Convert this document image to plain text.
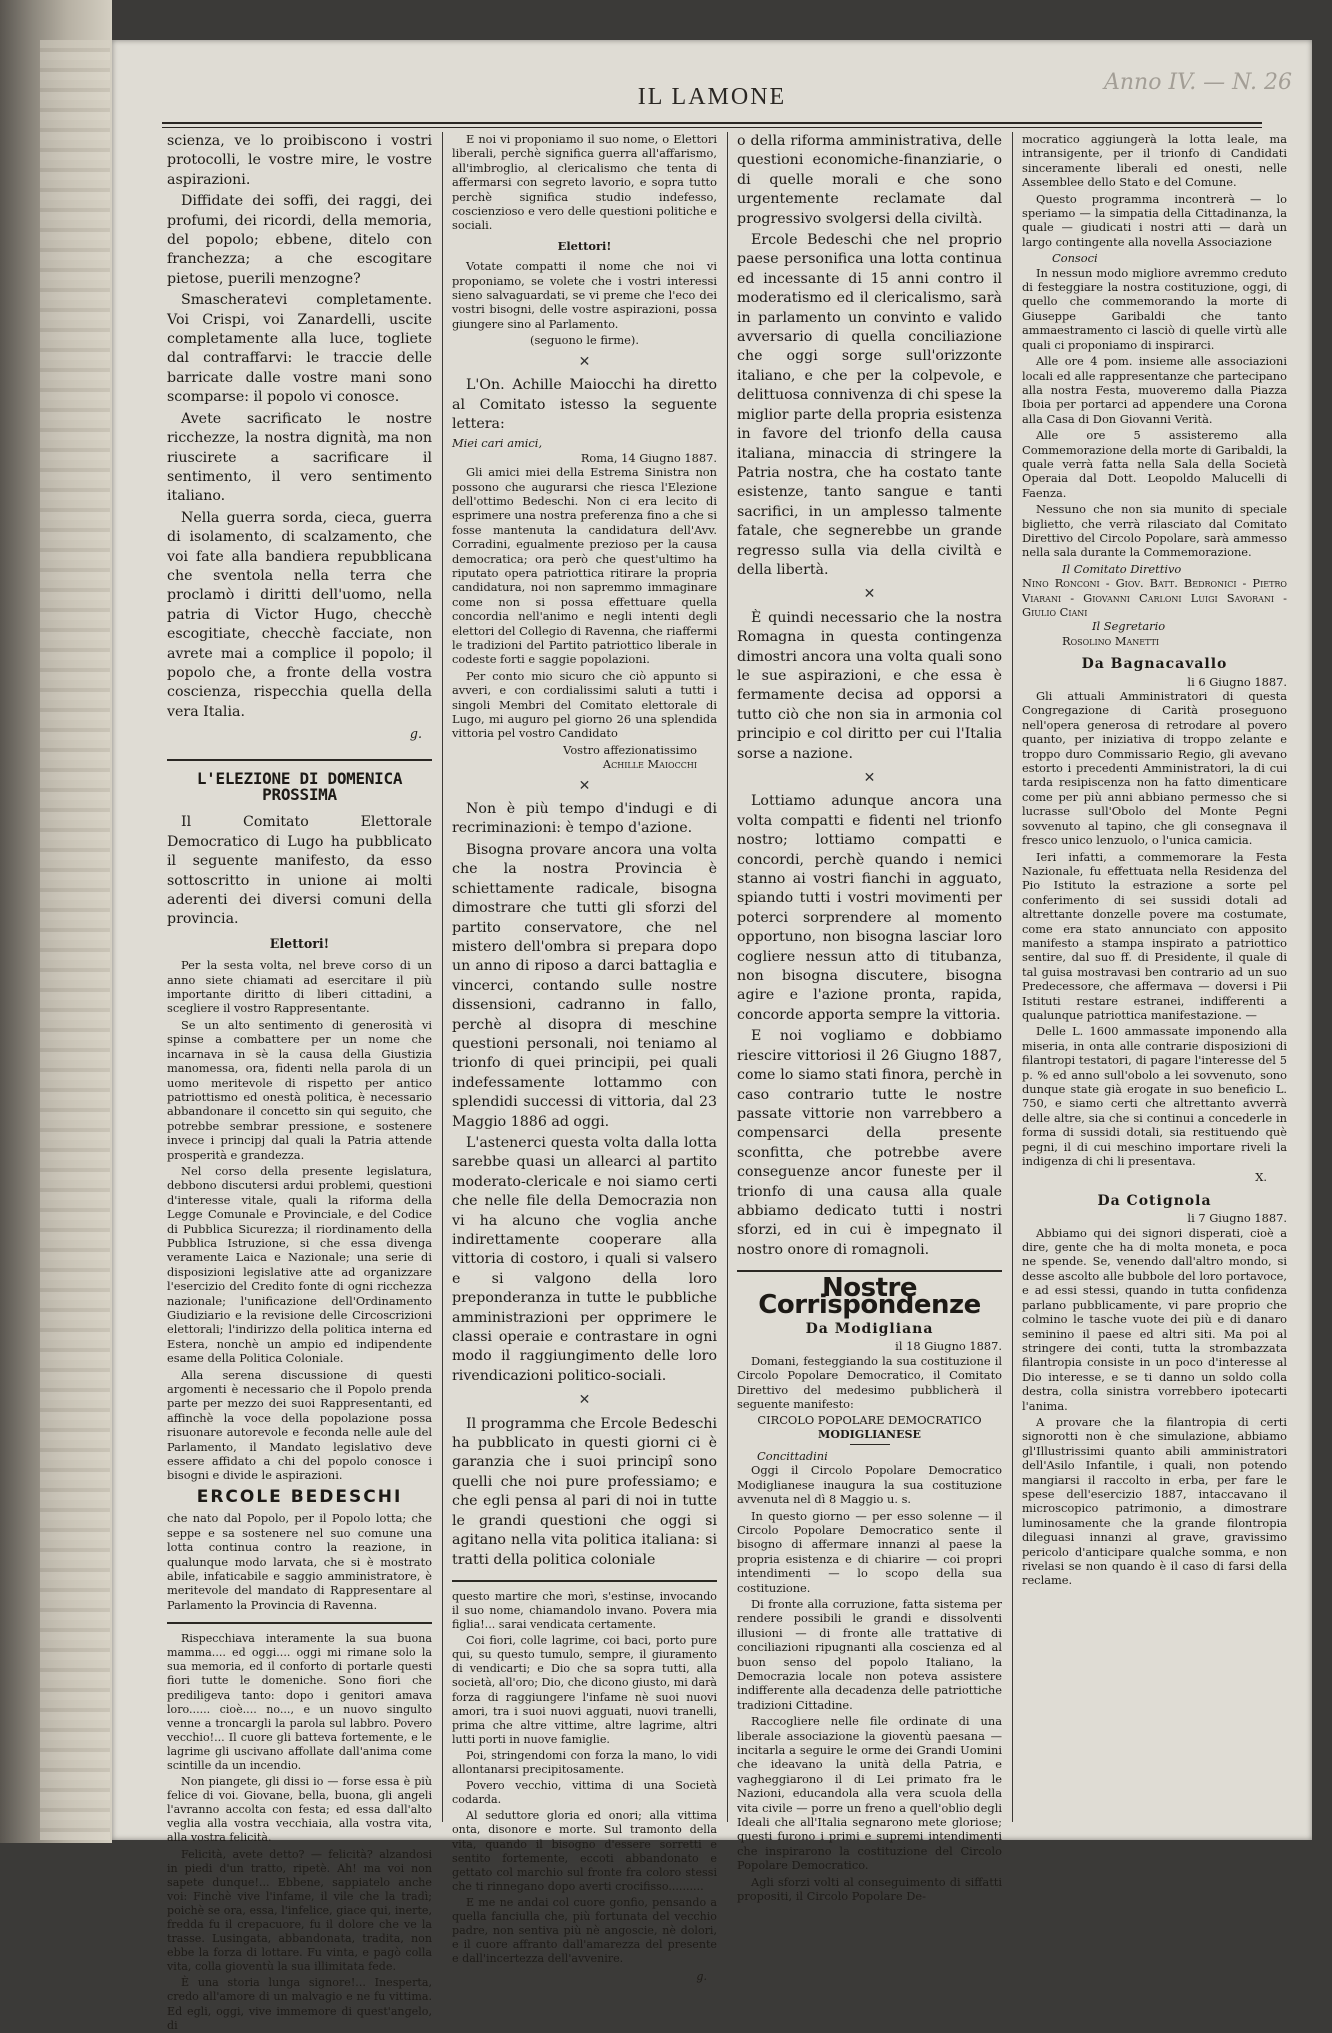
IL LAMONE
Anno IV. — N. 26

scienza, ve lo proibiscono i vostri protocolli, le vostre mire, le vostre aspirazioni.

Diffidate dei soffi, dei raggi, dei profumi, dei ricordi, della memoria, del popolo; ebbene, ditelo con franchezza; a che escogitare pietose, puerili menzogne?

Smascheratevi completamente. Voi Crispi, voi Zanardelli, uscite completamente alla luce, togliete dal contraffarvi: le traccie delle barricate dalle vostre mani sono scomparse: il popolo vi conosce.

Avete sacrificato le nostre ricchezze, la nostra dignità, ma non riuscirete a sacrificare il sentimento, il vero sentimento italiano.

Nella guerra sorda, cieca, guerra di isolamento, di scalzamento, che voi fate alla bandiera repubblicana che sventola nella terra che proclamò i diritti dell'uomo, nella patria di Victor Hugo, checchè escogitiate, checchè facciate, non avrete mai a complice il popolo; il popolo che, a fronte della vostra coscienza, rispecchia quella della vera Italia.

g.
L'ELEZIONE DI DOMENICA PROSSIMA

Il Comitato Elettorale Democratico di Lugo ha pubblicato il seguente manifesto, da esso sottoscritto in unione ai molti aderenti dei diversi comuni della provincia.

Elettori!

Per la sesta volta, nel breve corso di un anno siete chiamati ad esercitare il più importante diritto di liberi cittadini, a scegliere il vostro Rappresentante.

Se un alto sentimento di generosità vi spinse a combattere per un nome che incarnava in sè la causa della Giustizia manomessa, ora, fidenti nella parola di un uomo meritevole di rispetto per antico patriottismo ed onestà politica, è necessario abbandonare il concetto sin qui seguito, che potrebbe sembrar pressione, e sostenere invece i principj dal quali la Patria attende prosperità e grandezza.

Nel corso della presente legislatura, debbono discutersi ardui problemi, questioni d'interesse vitale, quali la riforma della Legge Comunale e Provinciale, e del Codice di Pubblica Sicurezza; il riordinamento della Pubblica Istruzione, si che essa divenga veramente Laica e Nazionale; una serie di disposizioni legislative atte ad organizzare l'esercizio del Credito fonte di ogni ricchezza nazionale; l'unificazione dell'Ordinamento Giudiziario e la revisione delle Circoscrizioni elettorali; l'indirizzo della politica interna ed Estera, nonchè un ampio ed indipendente esame della Politica Coloniale.

Alla serena discussione di questi argomenti è necessario che il Popolo prenda parte per mezzo dei suoi Rappresentanti, ed affinchè la voce della popolazione possa risuonare autorevole e feconda nelle aule del Parlamento, il Mandato legislativo deve essere affidato a chi del popolo conosce i bisogni e divide le aspirazioni.

ERCOLE BEDESCHI

che nato dal Popolo, per il Popolo lotta; che seppe e sa sostenere nel suo comune una lotta continua contro la reazione, in qualunque modo larvata, che si è mostrato abile, infaticabile e saggio amministratore, è meritevole del mandato di Rappresentare al Parlamento la Provincia di Ravenna.

Rispecchiava interamente la sua buona mamma.... ed oggi.... oggi mi rimane solo la sua memoria, ed il conforto di portarle questi fiori tutte le domeniche. Sono fiori che prediligeva tanto: dopo i genitori amava loro...... cioè.... no..., e un nuovo singulto venne a troncargli la parola sul labbro. Povero vecchio!... Il cuore gli batteva fortemente, e le lagrime gli uscivano affollate dall'anima come scintille da un incendio.

Non piangete, gli dissi io — forse essa è più felice di voi. Giovane, bella, buona, gli angeli l'avranno accolta con festa; ed essa dall'alto veglia alla vostra vecchiaia, alla vostra vita, alla vostra felicità.

Felicità, avete detto? — felicità? alzandosi in piedi d'un tratto, ripetè. Ah! ma voi non sapete dunque!... Ebbene, sappiatelo anche voi: Finchè vive l'infame, il vile che la tradì; poichè se ora, essa, l'infelice, giace qui, inerte, fredda fu il crepacuore, fu il dolore che ve la trasse. Lusingata, abbandonata, tradita, non ebbe la forza di lottare. Fu vinta, e pagò colla vita, colla gioventù la sua illimitata fede.

È una storia lunga signore!... Inesperta, credo all'amore di un malvagio e ne fu vittima. Ed egli, oggi, vive immemore di quest'angelo, di

E noi vi proponiamo il suo nome, o Elettori liberali, perchè significa guerra all'affarismo, all'imbroglio, al clericalismo che tenta di affermarsi con segreto lavorio, e sopra tutto perchè significa studio indefesso, coscienzioso e vero delle questioni politiche e sociali.

Elettori!

Votate compatti il nome che noi vi proponiamo, se volete che i vostri interessi sieno salvaguardati, se vi preme che l'eco dei vostri bisogni, delle vostre aspirazioni, possa giungere sino al Parlamento.

(seguono le firme).
✕

L'On. Achille Maiocchi ha diretto al Comitato istesso la seguente lettera:

Miei cari amici,
Roma, 14 Giugno 1887.

Gli amici miei della Estrema Sinistra non possono che augurarsi che riesca l'Elezione dell'ottimo Bedeschi. Non ci era lecito di esprimere una nostra preferenza fino a che si fosse mantenuta la candidatura dell'Avv. Corradini, egualmente prezioso per la causa democratica; ora però che quest'ultimo ha riputato opera patriottica ritirare la propria candidatura, noi non sapremmo immaginare come non si possa effettuare quella concordia nell'animo e negli intenti degli elettori del Collegio di Ravenna, che riaffermi le tradizioni del Partito patriottico liberale in codeste forti e saggie popolazioni.

Per conto mio sicuro che ciò appunto si avveri, e con cordialissimi saluti a tutti i singoli Membri del Comitato elettorale di Lugo, mi auguro pel giorno 26 una splendida vittoria pel vostro Candidato

Vostro affezionatissimo
Achille Maiocchi
✕

Non è più tempo d'indugi e di recriminazioni: è tempo d'azione.

Bisogna provare ancora una volta che la nostra Provincia è schiettamente radicale, bisogna dimostrare che tutti gli sforzi del partito conservatore, che nel mistero dell'ombra si prepara dopo un anno di riposo a darci battaglia e vincerci, contando sulle nostre dissensioni, cadranno in fallo, perchè al disopra di meschine questioni personali, noi teniamo al trionfo di quei principii, pei quali indefessamente lottammo con splendidi successi di vittoria, dal 23 Maggio 1886 ad oggi.

L'astenerci questa volta dalla lotta sarebbe quasi un allearci al partito moderato-clericale e noi siamo certi che nelle file della Democrazia non vi ha alcuno che voglia anche indirettamente cooperare alla vittoria di costoro, i quali si valsero e si valgono della loro preponderanza in tutte le pubbliche amministrazioni per opprimere le classi operaie e contrastare in ogni modo il raggiungimento delle loro rivendicazioni politico-sociali.

✕

Il programma che Ercole Bedeschi ha pubblicato in questi giorni ci è garanzia che i suoi principî sono quelli che noi pure professiamo; e che egli pensa al pari di noi in tutte le grandi questioni che oggi si agitano nella vita politica italiana: si tratti della politica coloniale

questo martire che morì, s'estinse, invocando il suo nome, chiamandolo invano. Povera mia figlia!... sarai vendicata certamente.

Coi fiori, colle lagrime, coi baci, porto pure qui, su questo tumulo, sempre, il giuramento di vendicarti; e Dio che sa sopra tutti, alla società, all'oro; Dio, che dicono giusto, mi darà forza di raggiungere l'infame nè suoi nuovi amori, tra i suoi nuovi agguati, nuovi tranelli, prima che altre vittime, altre lagrime, altri lutti porti in nuove famiglie.

Poi, stringendomi con forza la mano, lo vidi allontanarsi precipitosamente.

Povero vecchio, vittima di una Società codarda.

Al seduttore gloria ed onori; alla vittima onta, disonore e morte. Sul tramonto della vita, quando il bisogno d'essere sorretti e sentito fortemente, eccoti abbandonato e gettato col marchio sul fronte fra coloro stessi che ti rinnegano dopo averti crocifisso..........

E me ne andai col cuore gonfio, pensando a quella fanciulla che, più fortunata del vecchio padre, non sentiva più nè angoscie, nè dolori, e il cuore affranto dall'amarezza del presente e dall'incertezza dell'avvenire.

g.

o della riforma amministrativa, delle questioni economiche-finanziarie, o di quelle morali e che sono urgentemente reclamate dal progressivo svolgersi della civiltà.

Ercole Bedeschi che nel proprio paese personifica una lotta continua ed incessante di 15 anni contro il moderatismo ed il clericalismo, sarà in parlamento un convinto e valido avversario di quella conciliazione che oggi sorge sull'orizzonte italiano, e che per la colpevole, e delittuosa connivenza di chi spese la miglior parte della propria esistenza in favore del trionfo della causa italiana, minaccia di stringere la Patria nostra, che ha costato tante esistenze, tanto sangue e tanti sacrifici, in un amplesso talmente fatale, che segnerebbe un grande regresso sulla via della civiltà e della libertà.

✕

È quindi necessario che la nostra Romagna in questa contingenza dimostri ancora una volta quali sono le sue aspirazioni, e che essa è fermamente decisa ad opporsi a tutto ciò che non sia in armonia col principio e col diritto per cui l'Italia sorse a nazione.

✕

Lottiamo adunque ancora una volta compatti e fidenti nel trionfo nostro; lottiamo compatti e concordi, perchè quando i nemici stanno ai vostri fianchi in agguato, spiando tutti i vostri movimenti per poterci sorprendere al momento opportuno, non bisogna lasciar loro cogliere nessun atto di titubanza, non bisogna discutere, bisogna agire e l'azione pronta, rapida, concorde apporta sempre la vittoria.

E noi vogliamo e dobbiamo riescire vittoriosi il 26 Giugno 1887, come lo siamo stati finora, perchè in caso contrario tutte le nostre passate vittorie non varrebbero a compensarci della presente sconfitta, che potrebbe avere conseguenze ancor funeste per il trionfo di una causa alla quale abbiamo dedicato tutti i nostri sforzi, ed in cui è impegnato il nostro onore di romagnoli.

Nostre Corrispondenze
Da Modigliana
il 18 Giugno 1887.

Domani, festeggiando la sua costituzione il Circolo Popolare Democratico, il Comitato Direttivo del medesimo pubblicherà il seguente manifesto:

CIRCOLO POPOLARE DEMOCRATICO
MODIGLIANESE
Concittadini

Oggi il Circolo Popolare Democratico Modiglianese inaugura la sua costituzione avvenuta nel dì 8 Maggio u. s.

In questo giorno — per esso solenne — il Circolo Popolare Democratico sente il bisogno di affermare innanzi al paese la propria esistenza e di chiarire — coi propri intendimenti — lo scopo della sua costituzione.

Di fronte alla corruzione, fatta sistema per rendere possibili le grandi e dissolventi illusioni — di fronte alle trattative di conciliazioni ripugnanti alla coscienza ed al buon senso del popolo Italiano, la Democrazia locale non poteva assistere indifferente alla decadenza delle patriottiche tradizioni Cittadine.

Raccogliere nelle file ordinate di una liberale associazione la gioventù paesana — incitarla a seguire le orme dei Grandi Uomini che ideavano la unità della Patria, e vagheggiarono il di Lei primato fra le Nazioni, educandola alla vera scuola della vita civile — porre un freno a quell'oblio degli Ideali che all'Italia segnarono mete gloriose; questi furono i primi e supremi intendimenti che inspirarono la costituzione del Circolo Popolare Democratico.

Agli sforzi volti al conseguimento di siffatti propositi, il Circolo Popolare De-

mocratico aggiungerà la lotta leale, ma intransigente, per il trionfo di Candidati sinceramente liberali ed onesti, nelle Assemblee dello Stato e del Comune.

Questo programma incontrerà — lo speriamo — la simpatia della Cittadinanza, la quale — giudicati i nostri atti — darà un largo contingente alla novella Associazione

Consoci

In nessun modo migliore avremmo creduto di festeggiare la nostra costituzione, oggi, di quello che commemorando la morte di Giuseppe Garibaldi che tanto ammaestramento ci lasciò di quelle virtù alle quali ci proponiamo di inspirarci.

Alle ore 4 pom. insieme alle associazioni locali ed alle rappresentanze che partecipano alla nostra Festa, muoveremo dalla Piazza Iboia per portarci ad appendere una Corona alla Casa di Don Giovanni Verità.

Alle ore 5 assisteremo alla Commemorazione della morte di Garibaldi, la quale verrà fatta nella Sala della Società Operaia dal Dott. Leopoldo Malucelli di Faenza.

Nessuno che non sia munito di speciale biglietto, che verrà rilasciato dal Comitato Direttivo del Circolo Popolare, sarà ammesso nella sala durante la Commemorazione.

Il Comitato Direttivo
Nino Ronconi - Giov. Batt. Bedronici - Pietro Viarani - Giovanni Carloni Luigi Savorani - Giulio Ciani
Il Segretario
Rosolino Manetti
Da Bagnacavallo
li 6 Giugno 1887.

Gli attuali Amministratori di questa Congregazione di Carità proseguono nell'opera generosa di retrodare al povero quanto, per iniziativa di troppo zelante e troppo duro Commissario Regio, gli avevano estorto i precedenti Amministratori, la di cui tarda resipiscenza non ha fatto dimenticare come per più anni abbiano permesso che si lucrasse sull'Obolo del Monte Pegni sovvenuto al tapino, che gli consegnava il fresco unico lenzuolo, o l'unica camicia.

Ieri infatti, a commemorare la Festa Nazionale, fu effettuata nella Residenza del Pio Istituto la estrazione a sorte pel conferimento di sei sussidi dotali ad altrettante donzelle povere ma costumate, come era stato annunciato con apposito manifesto a stampa inspirato a patriottico sentire, dal suo ff. di Presidente, il quale di tal guisa mostravasi ben contrario ad un suo Predecessore, che affermava — doversi i Pii Istituti restare estranei, indifferenti a qualunque patriottica manifestazione. —

Delle L. 1600 ammassate imponendo alla miseria, in onta alle contrarie disposizioni di filantropi testatori, di pagare l'interesse del 5 p. % ed anno sull'obolo a lei sovvenuto, sono dunque state già erogate in suo beneficio L. 750, e siamo certi che altrettanto avverrà delle altre, sia che si continui a concederle in forma di sussidi dotali, sia restituendo què pegni, il di cui meschino importare riveli la indigenza di chi li presentava.

X.
Da Cotignola
li 7 Giugno 1887.

Abbiamo qui dei signori disperati, cioè a dire, gente che ha di molta moneta, e poca ne spende. Se, venendo dall'altro mondo, si desse ascolto alle bubbole del loro portavoce, e ad essi stessi, quando in tutta confidenza parlano pubblicamente, vi pare proprio che colmino le tasche vuote dei più e di danaro seminino il paese ed altri siti. Ma poi al stringere dei conti, tutta la strombazzata filantropia consiste in un poco d'interesse al Dio interesse, e se ti danno un soldo colla destra, colla sinistra vorrebbero ipotecarti l'anima.

A provare che la filantropia di certi signorotti non è che simulazione, abbiamo gl'Illustrissimi quanto abili amministratori dell'Asilo Infantile, i quali, non potendo mangiarsi il raccolto in erba, per fare le spese dell'esercizio 1887, intaccavano il microscopico patrimonio, a dimostrare luminosamente che la grande filontropia dileguasi innanzi al grave, gravissimo pericolo d'anticipare qualche somma, e non rivelasi se non quando è il caso di farsi della reclame.
